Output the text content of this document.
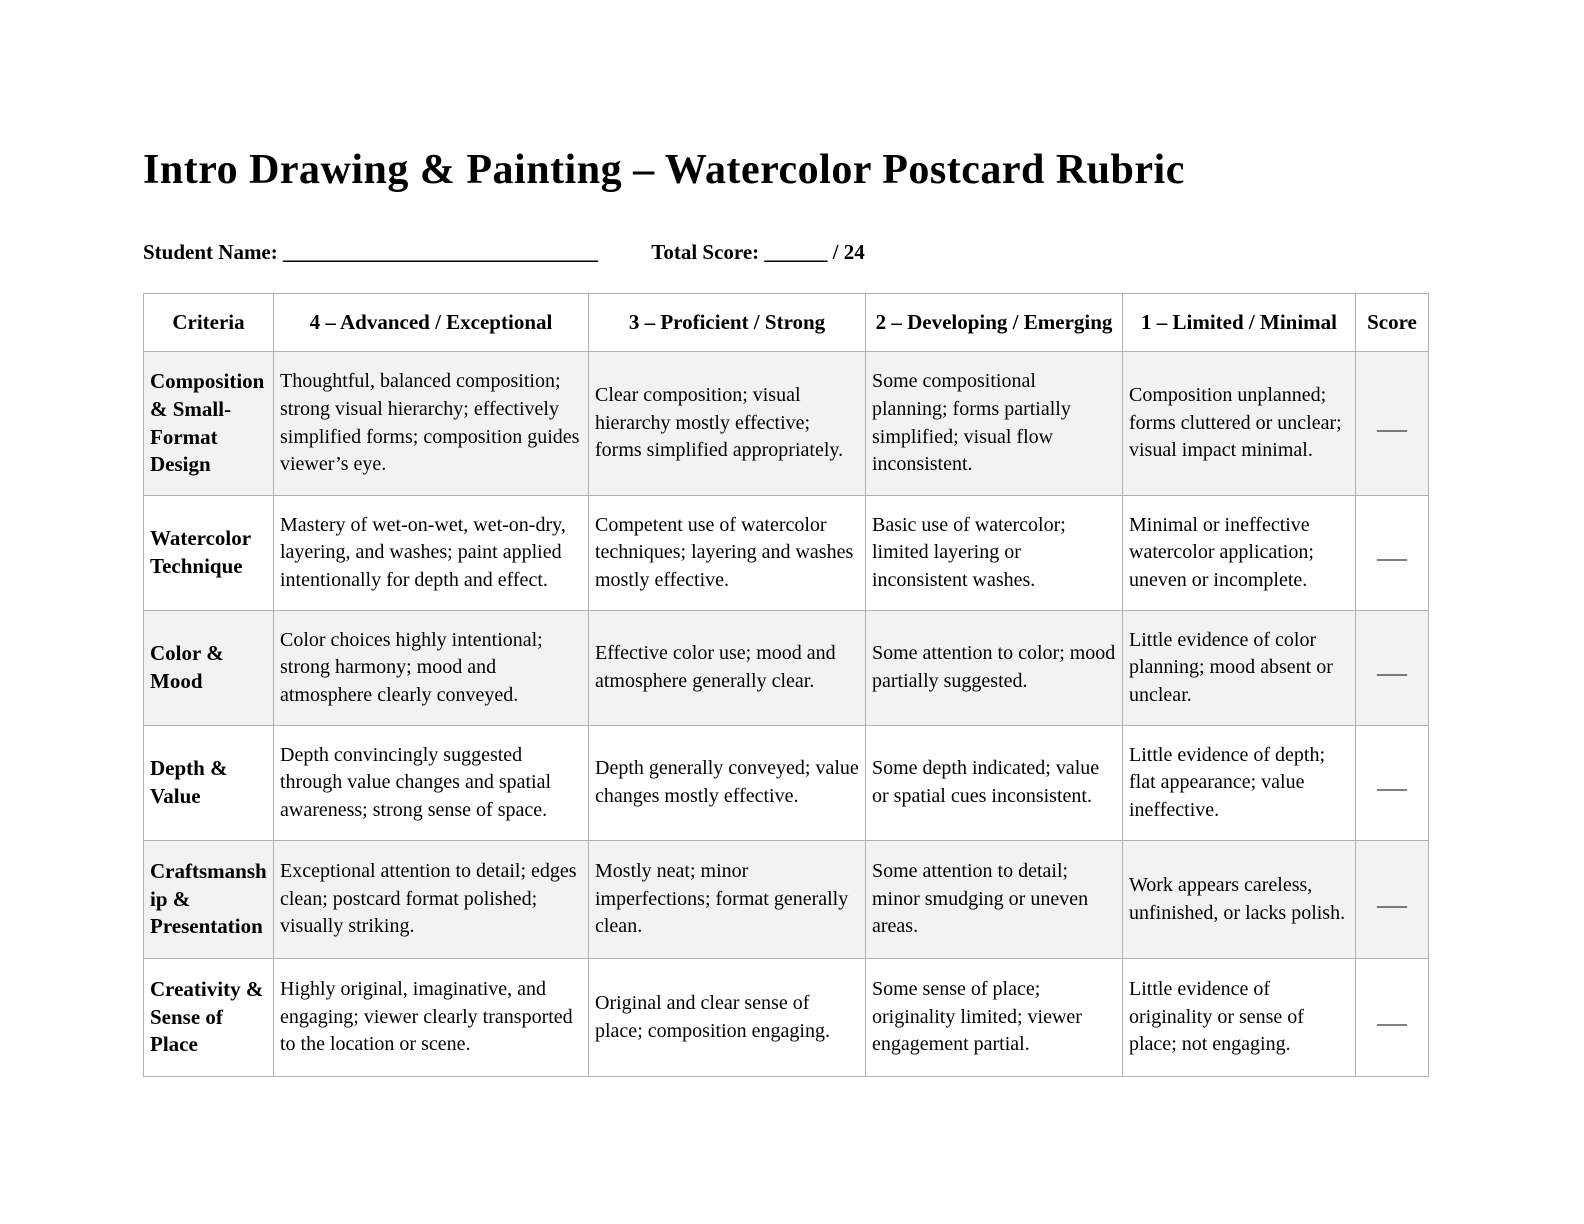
Intro Drawing & Painting – Watercolor Postcard Rubric
Student Name: ______________________________	Total Score: ______ / 24
Criteria	4 – Advanced / Exceptional	3 – Proficient / Strong	2 – Developing / Emerging	1 – Limited / Minimal	Score
Composition & Small-Format Design	Thoughtful, balanced composition; strong visual hierarchy; effectively simplified forms; composition guides viewer’s eye.	Clear composition; visual hierarchy mostly effective; forms simplified appropriately.	Some compositional planning; forms partially simplified; visual flow inconsistent.	Composition unplanned; forms cluttered or unclear; visual impact minimal.	___
Watercolor Technique	Mastery of wet-on-wet, wet-on-dry, layering, and washes; paint applied intentionally for depth and effect.	Competent use of watercolor techniques; layering and washes mostly effective.	Basic use of watercolor; limited layering or inconsistent washes.	Minimal or ineffective watercolor application; uneven or incomplete.	___
Color & Mood	Color choices highly intentional; strong harmony; mood and atmosphere clearly conveyed.	Effective color use; mood and atmosphere generally clear.	Some attention to color; mood partially suggested.	Little evidence of color planning; mood absent or unclear.	___
Depth & Value	Depth convincingly suggested through value changes and spatial awareness; strong sense of space.	Depth generally conveyed; value changes mostly effective.	Some depth indicated; value or spatial cues inconsistent.	Little evidence of depth; flat appearance; value ineffective.	___
Craftsmanship & Presentation	Exceptional attention to detail; edges clean; postcard format polished; visually striking.	Mostly neat; minor imperfections; format generally clean.	Some attention to detail; minor smudging or uneven areas.	Work appears careless, unfinished, or lacks polish.	___
Creativity & Sense of Place	Highly original, imaginative, and engaging; viewer clearly transported to the location or scene.	Original and clear sense of place; composition engaging.	Some sense of place; originality limited; viewer engagement partial.	Little evidence of originality or sense of place; not engaging.	___
